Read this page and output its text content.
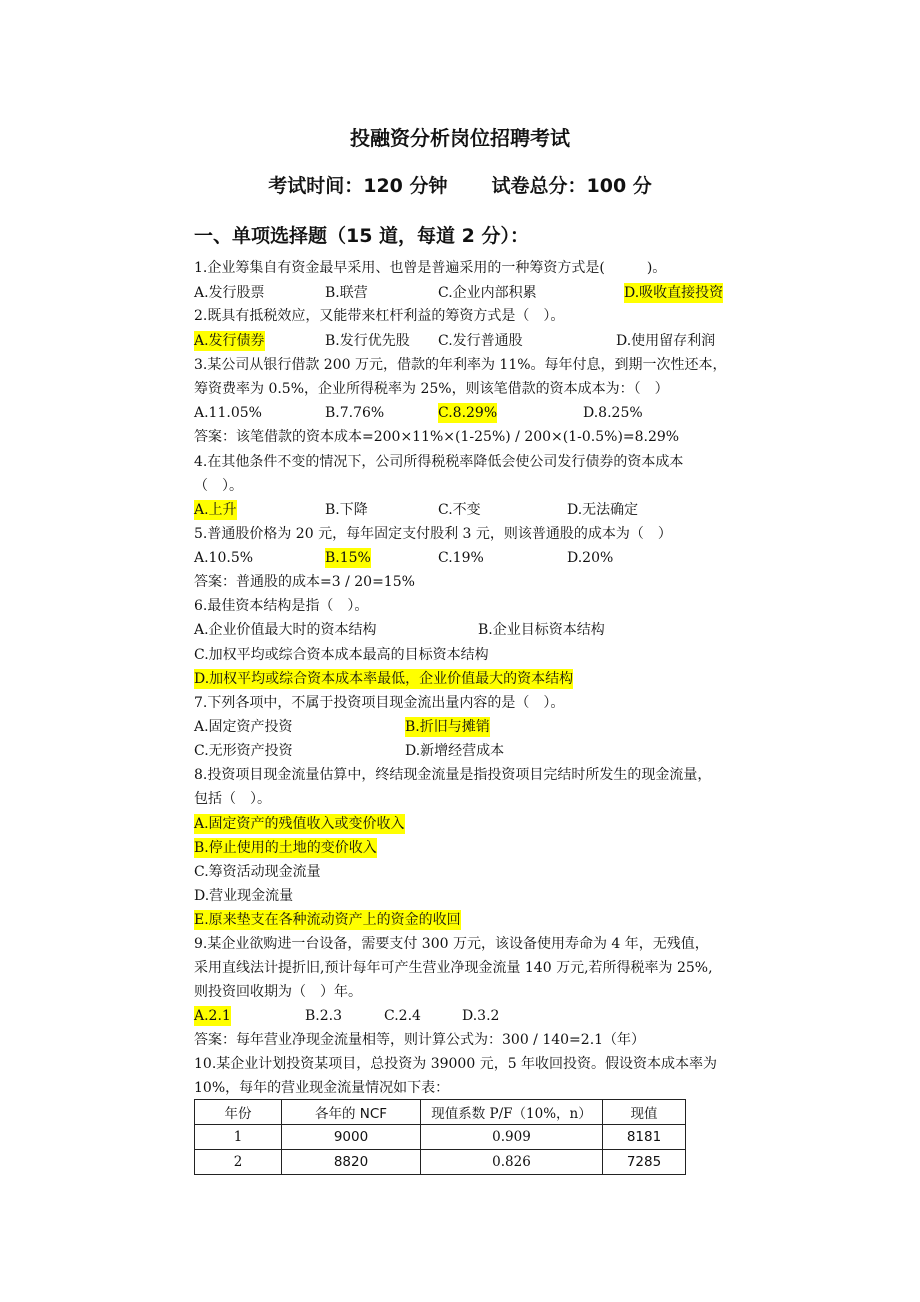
投融资分析岗位招聘考试
考试时间：120 分钟 试卷总分：100 分
一、单项选择题（15 道，每道 2 分）：
1.企业筹集自有资金最早采用、也曾是普遍采用的一种筹资方式是(　　　)。
A.发行股票	B.联营	C.企业内部积累	D.吸收直接投资
2.既具有抵税效应，又能带来杠杆利益的筹资方式是（　）。
A.发行债券	B.发行优先股 C.发行普通股	D.使用留存利润
3.某公司从银行借款 200 万元，借款的年利率为 11%。每年付息，到期一次性还本，
筹资费率为 0.5%，企业所得税率为 25%，则该笔借款的资本成本为：（　）
A.11.05%	B.7.76%	C.8.29%	D.8.25%
答案：该笔借款的资本成本=200×11%×(1-25%) / 200×(1-0.5%)=8.29%
4.在其他条件不变的情况下，公司所得税税率降低会使公司发行债券的资本成本
（　）。
A.上升	B.下降	C.不变	D.无法确定
5.普通股价格为 20 元，每年固定支付股利 3 元，则该普通股的成本为（　）
A.10.5%	B.15%	C.19%	D.20%
答案：普通股的成本=3 / 20=15%
6.最佳资本结构是指（　）。
A.企业价值最大时的资本结构	B.企业目标资本结构
C.加权平均或综合资本成本最高的目标资本结构
D.加权平均或综合资本成本率最低，企业价值最大的资本结构
7.下列各项中，不属于投资项目现金流出量内容的是（　）。
A.固定资产投资	B.折旧与摊销
C.无形资产投资	D.新增经营成本
8.投资项目现金流量估算中，终结现金流量是指投资项目完结时所发生的现金流量，
包括（　）。
A.固定资产的残值收入或变价收入
B.停止使用的土地的变价收入
C.筹资活动现金流量
D.营业现金流量
E.原来垫支在各种流动资产上的资金的收回
9.某企业欲购进一台设备，需要支付 300 万元，该设备使用寿命为 4 年，无残值，
采用直线法计提折旧,预计每年可产生营业净现金流量 140 万元,若所得税率为 25%,
则投资回收期为（　）年。
A.2.1	B.2.3	C.2.4	D.3.2
答案：每年营业净现金流量相等，则计算公式为：300 / 140=2.1（年）
10.某企业计划投资某项目，总投资为 39000 元，5 年收回投资。假设资本成本率为
10%，每年的营业现金流量情况如下表：
年份	各年的 NCF	现值系数 P/F（10%，n）	现值
1	9000	0.909	8181
2	8820	0.826	7285
